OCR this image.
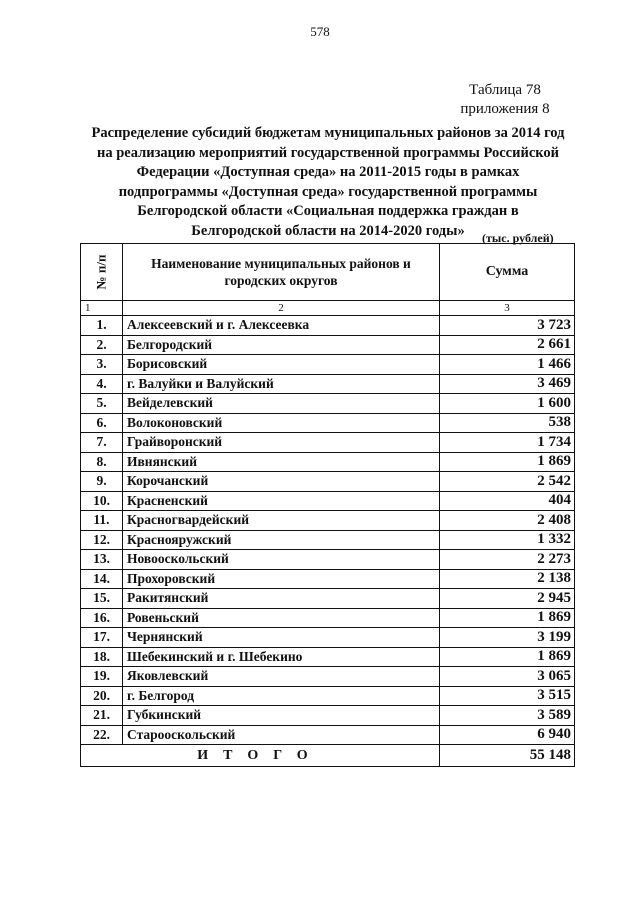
578
Таблица 78
приложения 8
Распределение субсидий бюджетам муниципальных районов за 2014 год
на реализацию мероприятий государственной программы Российской
Федерации «Доступная среда» на 2011-2015 годы в рамках
подпрограммы «Доступная среда» государственной программы
Белгородской области «Социальная поддержка граждан в
Белгородской области на 2014-2020 годы»	(тыс. рублей)
№ п/п	Наименование муниципальных районов и городских округов	Сумма
1	2	3
1.	Алексеевский и г. Алексеевка	3 723
2.	Белгородский	2 661
3.	Борисовский	1 466
4.	г. Валуйки и Валуйский	3 469
5.	Вейделевский	1 600
6.	Волоконовский	538
7.	Грайворонский	1 734
8.	Ивнянский	1 869
9.	Корочанский	2 542
10.	Красненский	404
11.	Красногвардейский	2 408
12.	Краснояружский	1 332
13.	Новооскольский	2 273
14.	Прохоровский	2 138
15.	Ракитянский	2 945
16.	Ровеньский	1 869
17.	Чернянский	3 199
18.	Шебекинский и г. Шебекино	1 869
19.	Яковлевский	3 065
20.	г. Белгород	3 515
21.	Губкинский	3 589
22.	Старооскольский	6 940
ИТОГО		55 148
